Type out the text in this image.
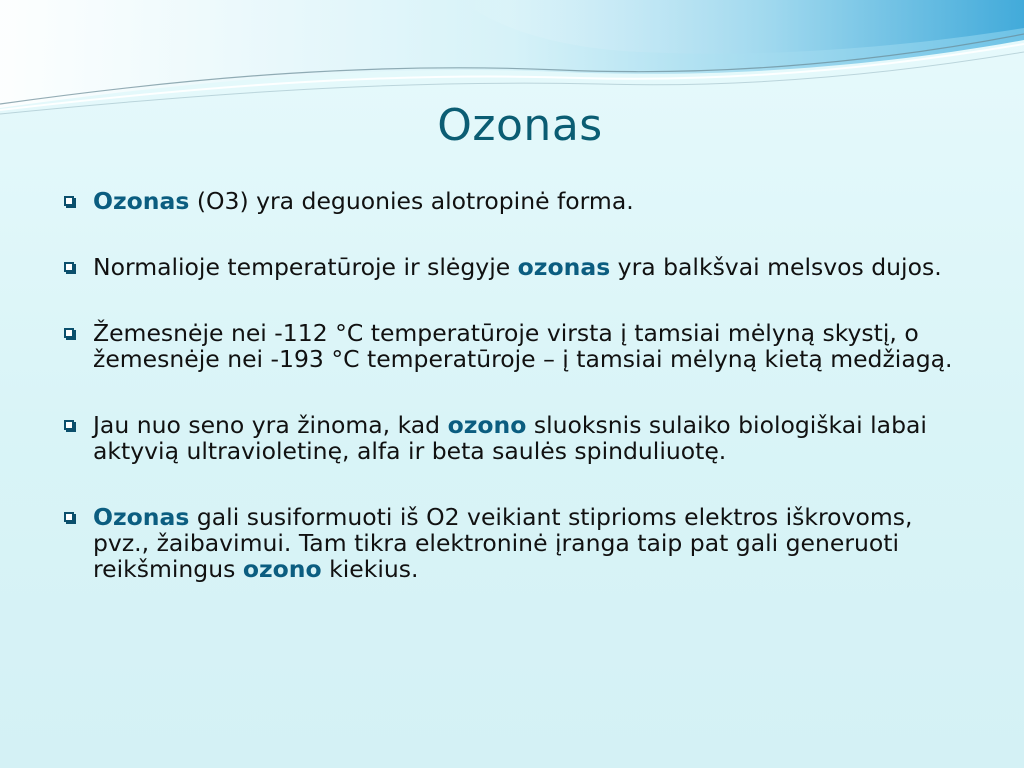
Ozonas
Ozonas (O3) yra deguonies alotropinė forma.
Normalioje temperatūroje ir slėgyje ozonas yra balkšvai melsvos dujos.
Žemesnėje nei -112 °C temperatūroje virsta į tamsiai mėlyną skystį, o žemesnėje nei -193 °C temperatūroje – į tamsiai mėlyną kietą medžiagą.
Jau nuo seno yra žinoma, kad ozono sluoksnis sulaiko biologiškai labai aktyvią ultravioletinę, alfa ir beta saulės spinduliuotę.
Ozonas gali susiformuoti iš O2 veikiant stiprioms elektros iškrovoms, pvz., žaibavimui. Tam tikra elektroninė įranga taip pat gali generuoti reikšmingus ozono kiekius.
